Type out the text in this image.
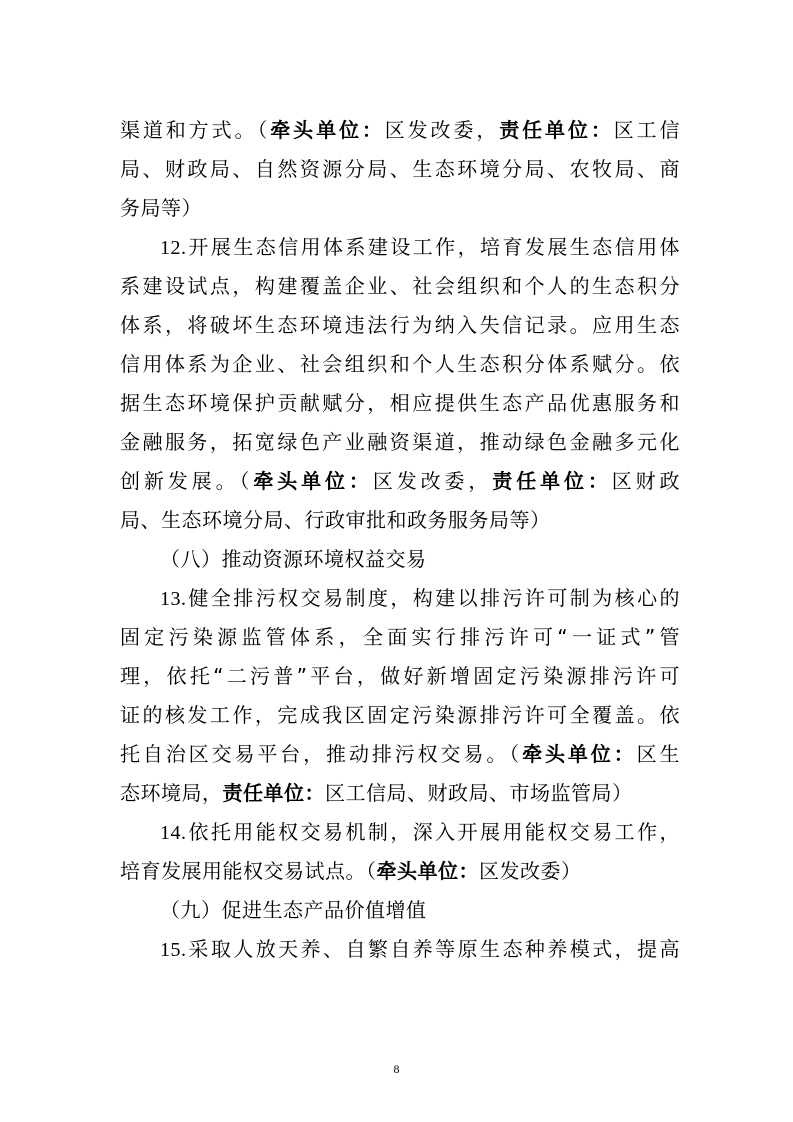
渠道和方式。（牵头单位：区发改委，责任单位：区工信
局、财政局、自然资源分局、生态环境分局、农牧局、商
务局等）
12.开展生态信用体系建设工作，培育发展生态信用体
系建设试点，构建覆盖企业、社会组织和个人的生态积分
体系，将破坏生态环境违法行为纳入失信记录。应用生态
信用体系为企业、社会组织和个人生态积分体系赋分。依
据生态环境保护贡献赋分，相应提供生态产品优惠服务和
金融服务，拓宽绿色产业融资渠道，推动绿色金融多元化
创新发展。（牵头单位：区发改委，责任单位：区财政
局、生态环境分局、行政审批和政务服务局等）
（八）推动资源环境权益交易
13.健全排污权交易制度，构建以排污许可制为核心的
固定污染源监管体系，全面实行排污许可“一证式”管
理，依托“二污普”平台，做好新增固定污染源排污许可
证的核发工作，完成我区固定污染源排污许可全覆盖。依
托自治区交易平台，推动排污权交易。（牵头单位：区生
态环境局，责任单位：区工信局、财政局、市场监管局）
14.依托用能权交易机制，深入开展用能权交易工作，
培育发展用能权交易试点。（牵头单位：区发改委）
（九）促进生态产品价值增值
15.采取人放天养、自繁自养等原生态种养模式，提高
8
